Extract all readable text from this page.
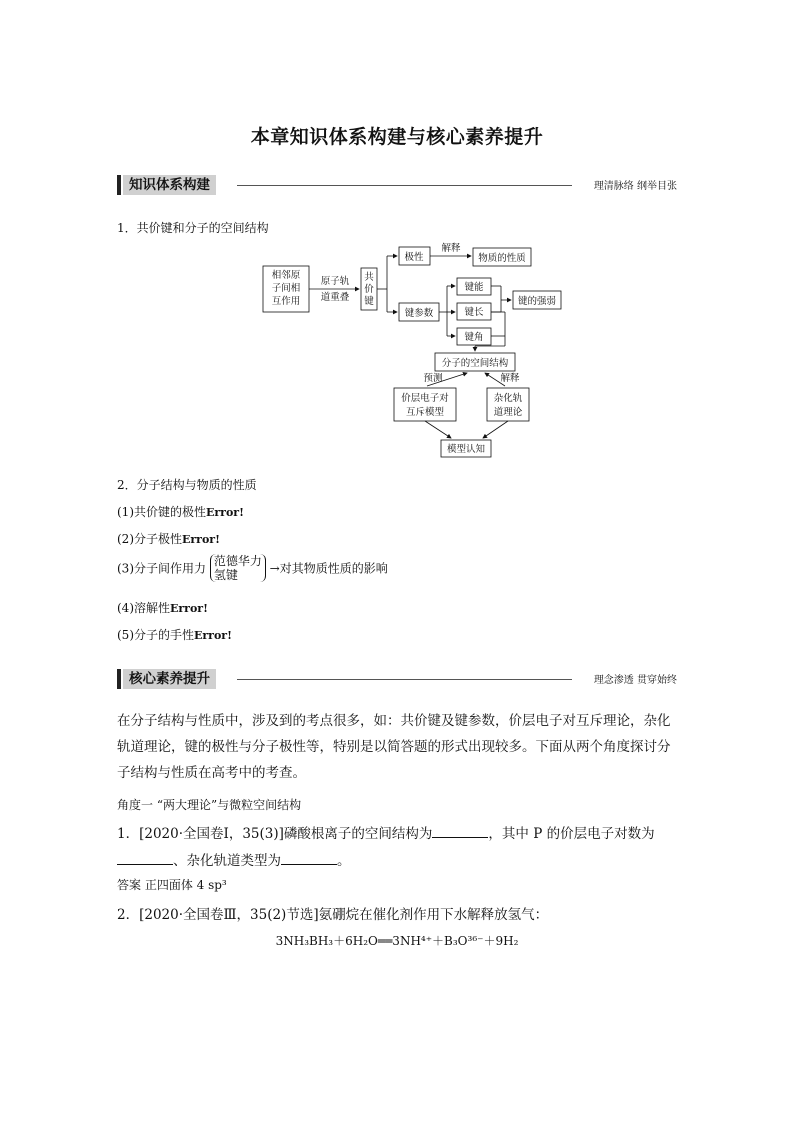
本章知识体系构建与核心素养提升
知识体系构建	理清脉络 纲举目张
1．共价键和分子的空间结构
相邻原
子间相
互作用
原子轨
道重叠
共
价
键
极性
解释
物质的性质
键参数
键能
键长
键角
键的强弱
分子的空间结构
预测	解释
价层电子对
互斥模型
杂化轨
道理论
模型认知
2．分子结构与物质的性质
(1)共价键的极性Error!
(2)分子极性Error!
(3)分子间作用力 范德华力
氢键	→对其物质性质的影响
(4)溶解性Error!
(5)分子的手性Error!
核心素养提升	理念渗透 贯穿始终
在分子结构与性质中，涉及到的考点很多，如：共价键及键参数，价层电子对互斥理论，杂化轨道理论，键的极性与分子极性等，特别是以简答题的形式出现较多。下面从两个角度探讨分子结构与性质在高考中的考查。
角度一 “两大理论”与微粒空间结构
1．[2020·全国卷Ⅰ，35(3)]磷酸根离子的空间结构为	，其中 P 的价层电子对数为
、杂化轨道类型为	。
答案 正四面体 4 sp³
2．[2020·全国卷Ⅲ，35(2)节选]氨硼烷在催化剂作用下水解释放氢气：
3NH₃BH₃＋6H₂O══3NH⁴⁺＋B₃O³⁶⁻＋9H₂
